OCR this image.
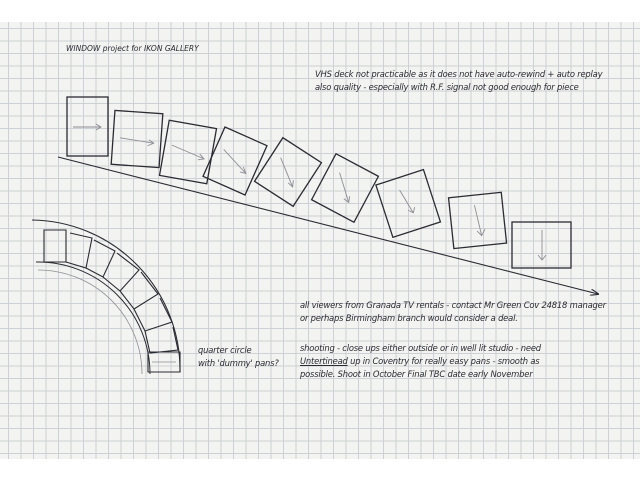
WINDOW project for IKON GALLERY

VHS deck not practicable as it does not have auto-rewind + auto replay
also quality - especially with R.F. signal not good enough for piece
all viewers from Granada TV rentals - contact Mr Green Cov 24818 manager
or perhaps Birmingham branch would consider a deal.
shooting - close ups either outside or in well lit studio - need
Untertinead up in Coventry for really easy pans - smooth as
possible. Shoot in October Final TBC date early November
quarter circle
with 'dummy' pans?
